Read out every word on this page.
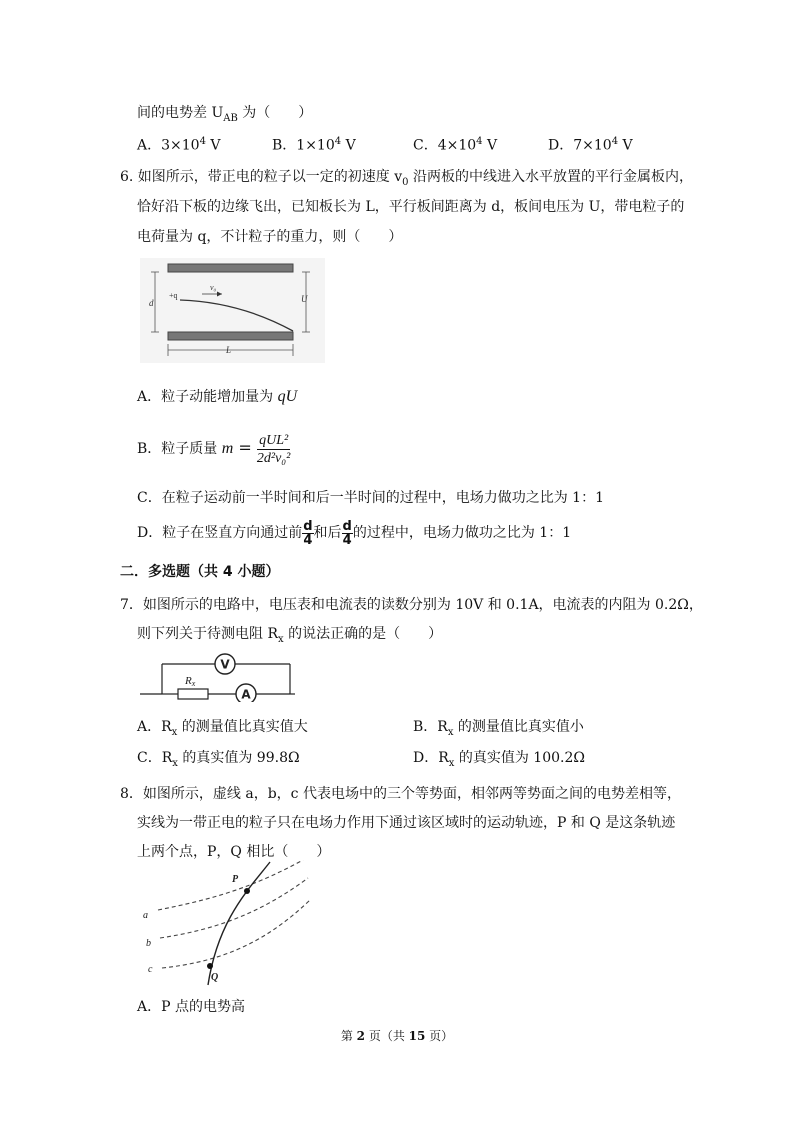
间的电势差 $U_{AB}$ 为（　　）
A．$3\times 10^4$ V	B．$1\times 10^4$ V	C．$4\times 10^4$ V	D．$7\times 10^4$ V
6. 如图所示，带正电的粒子以一定的初速度 $v_0$ 沿两板的中线进入水平放置的平行金属板内，
恰好沿下板的边缘飞出，已知板长为 L，平行板间距离为 d，板间电压为 U，带电粒子的
电荷量为 q，不计粒子的重力，则（　　）
+q
v₀
d	U
L
A．粒子动能增加量为 qU
B．粒子质量 $m = \frac{\text{qUL²}}{\text{2d²v₀²}}$
C．在粒子运动前一半时间和后一半时间的过程中，电场力做功之比为 1：1
D．粒子在竖直方向通过前 $\frac{d}{4}$ 和后 $\frac{d}{4}$ 的过程中，电场力做功之比为 1：1
二．多选题（共 4 小题）
7．如图所示的电路中，电压表和电流表的读数分别为 10V 和 0.1A，电流表的内阻为 0.2Ω，
则下列关于待测电阻 $R_x$ 的说法正确的是（　　）
V
A
Rx
A．$R_x$ 的测量值比真实值大	B．$R_x$ 的测量值比真实值小
C．$R_x$ 的真实值为 99.8Ω	D．$R_x$ 的真实值为 100.2Ω
8．如图所示，虚线 a，b，c 代表电场中的三个等势面，相邻两等势面之间的电势差相等，
实线为一带正电的粒子只在电场力作用下通过该区域时的运动轨迹，P 和 Q 是这条轨迹
上两个点，P，Q 相比（　　）
a
b
c
P
Q
A．P 点的电势高
第 2 页（共 15 页）
